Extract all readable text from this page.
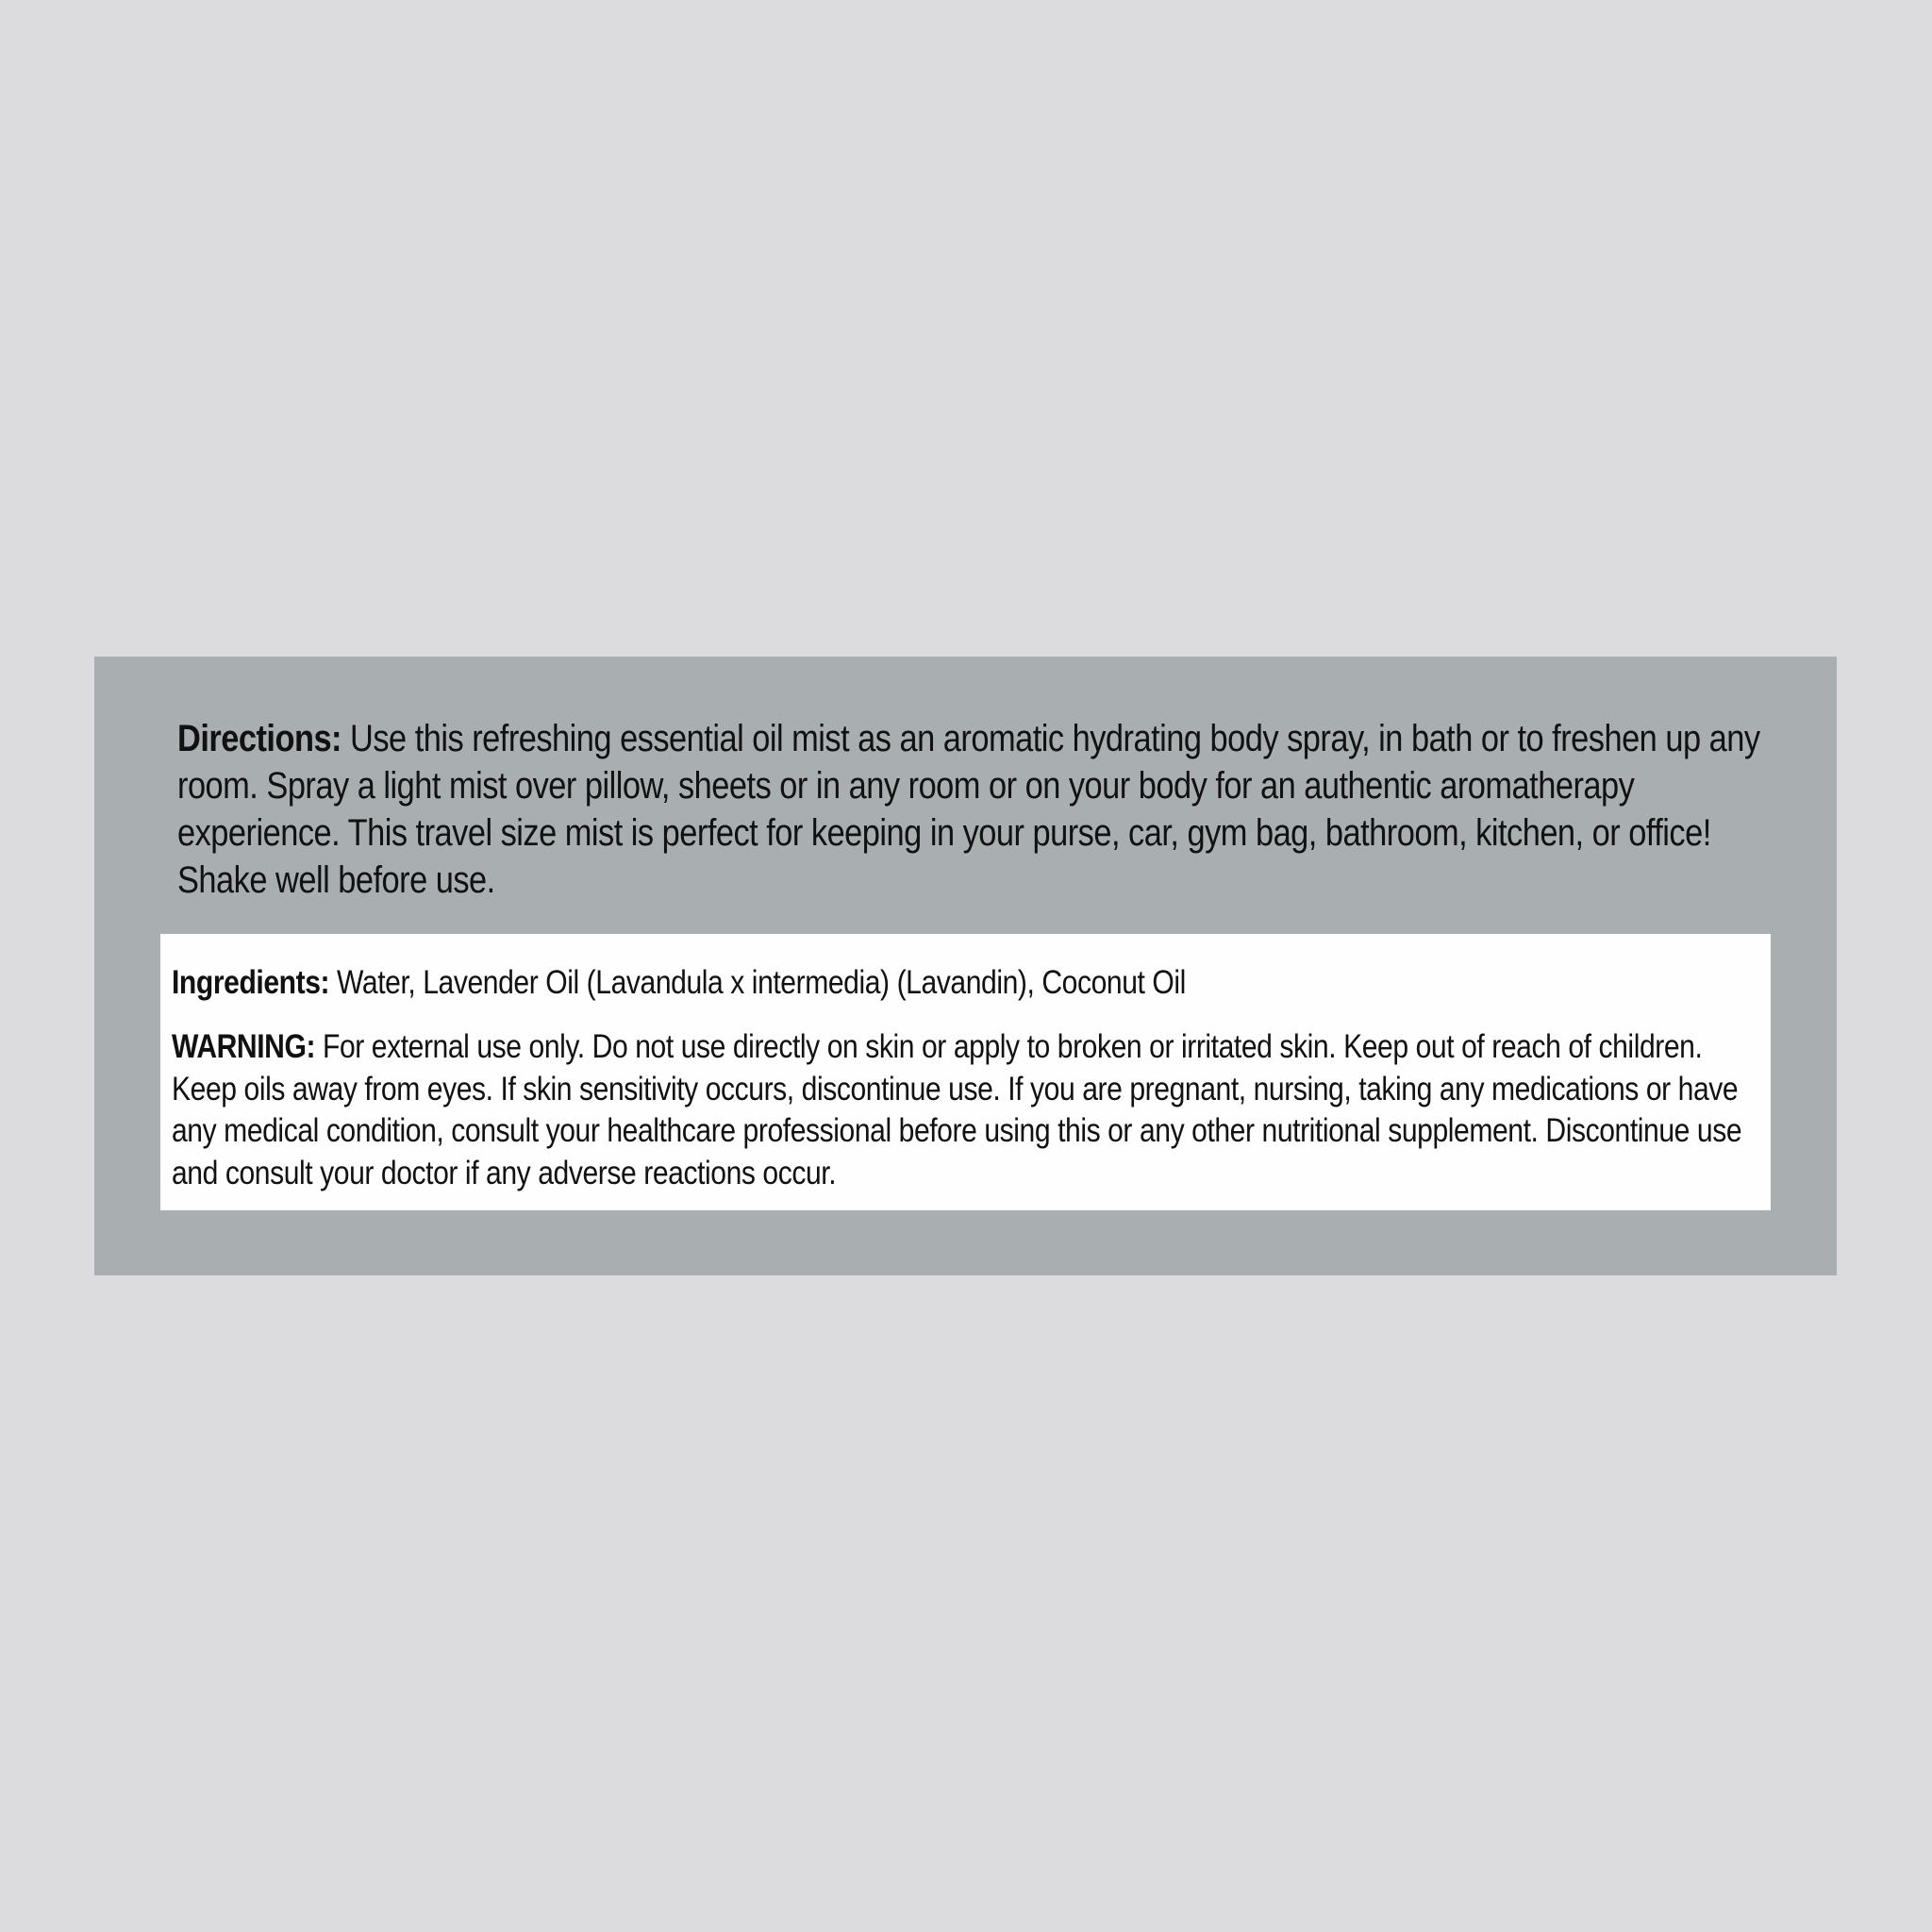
Directions: Use this refreshing essential oil mist as an aromatic hydrating body spray, in bath or to freshen up any room. Spray a light mist over pillow, sheets or in any room or on your body for an authentic aromatherapy experience. This travel size mist is perfect for keeping in your purse, car, gym bag, bathroom, kitchen, or office! Shake well before use.
Ingredients: Water, Lavender Oil (Lavandula x intermedia) (Lavandin), Coconut Oil
WARNING: For external use only. Do not use directly on skin or apply to broken or irritated skin. Keep out of reach of children. Keep oils away from eyes. If skin sensitivity occurs, discontinue use. If you are pregnant, nursing, taking any medications or have any medical condition, consult your healthcare professional before using this or any other nutritional supplement. Discontinue use and consult your doctor if any adverse reactions occur.
